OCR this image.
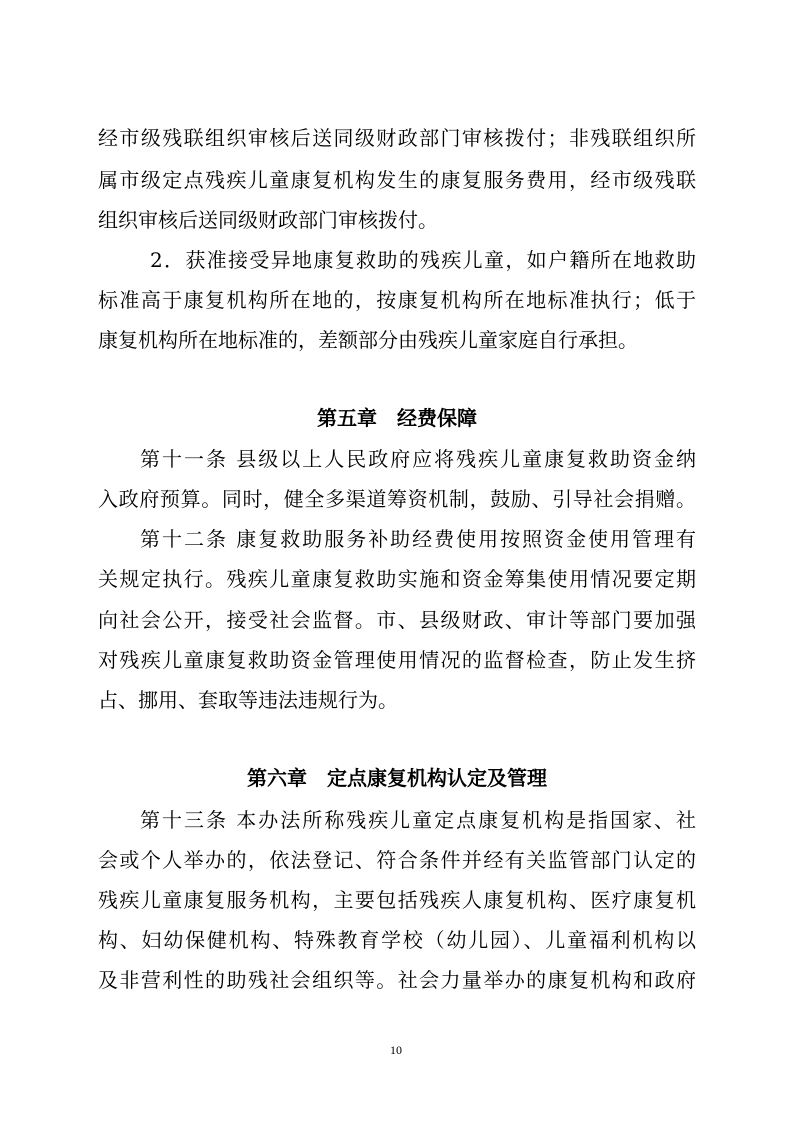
经市级残联组织审核后送同级财政部门审核拨付；非残联组织所
属市级定点残疾儿童康复机构发生的康复服务费用，经市级残联
组织审核后送同级财政部门审核拨付。
2．获准接受异地康复救助的残疾儿童，如户籍所在地救助
标准高于康复机构所在地的，按康复机构所在地标准执行；低于
康复机构所在地标准的，差额部分由残疾儿童家庭自行承担。
第五章　经费保障
第十一条 县级以上人民政府应将残疾儿童康复救助资金纳
入政府预算。同时，健全多渠道筹资机制，鼓励、引导社会捐赠。
第十二条 康复救助服务补助经费使用按照资金使用管理有
关规定执行。残疾儿童康复救助实施和资金筹集使用情况要定期
向社会公开，接受社会监督。市、县级财政、审计等部门要加强
对残疾儿童康复救助资金管理使用情况的监督检查，防止发生挤
占、挪用、套取等违法违规行为。
第六章　定点康复机构认定及管理
第十三条 本办法所称残疾儿童定点康复机构是指国家、社
会或个人举办的，依法登记、符合条件并经有关监管部门认定的
残疾儿童康复服务机构，主要包括残疾人康复机构、医疗康复机
构、妇幼保健机构、特殊教育学校（幼儿园）、儿童福利机构以
及非营利性的助残社会组织等。社会力量举办的康复机构和政府
10
